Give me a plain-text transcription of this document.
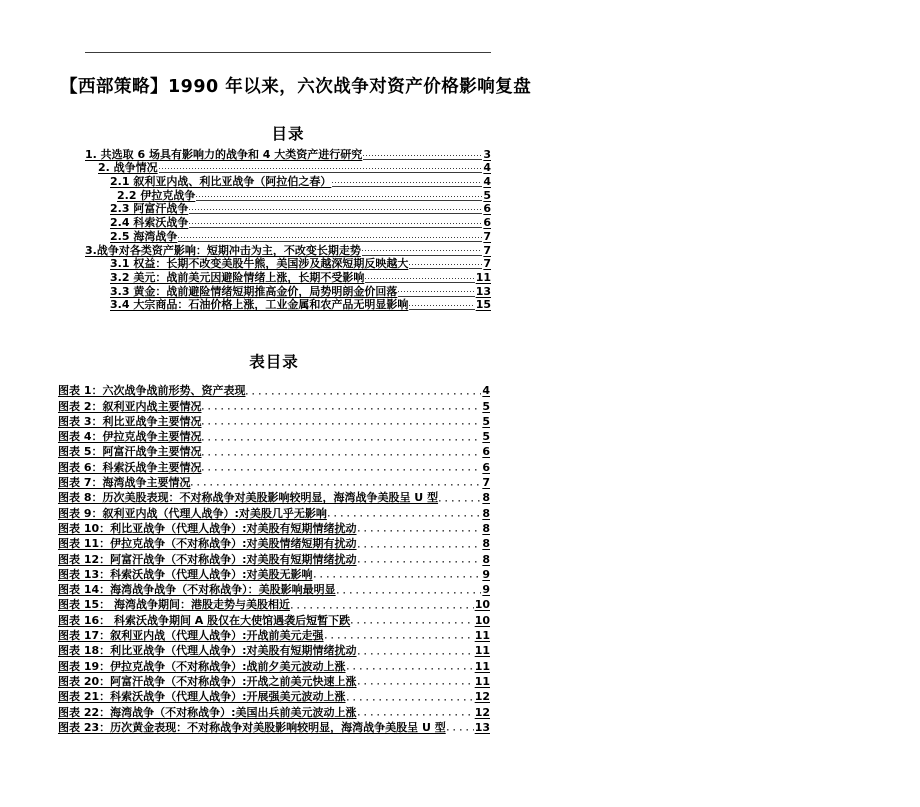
【西部策略】1990 年以来，六次战争对资产价格影响复盘
目录
1. 共选取 6 场具有影响力的战争和 4 大类资产进行研究	3
2. 战争情况	4
2.1 叙利亚内战、利比亚战争（阿拉伯之春）	4
2.2 伊拉克战争	5
2.3 阿富汗战争	6
2.4 科索沃战争	6
2.5 海湾战争	7
3.战争对各类资产影响：短期冲击为主，不改变长期走势	7
3.1 权益：长期不改变美股牛熊，美国涉及越深短期反映越大	7
3.2 美元：战前美元因避险情绪上涨，长期不受影响	11
3.3 黄金：战前避险情绪短期推高金价，局势明朗金价回落	13
3.4 大宗商品：石油价格上涨，工业金属和农产品无明显影响	15
表目录
图表 1：六次战争战前形势、资产表现	4
图表 2：叙利亚内战主要情况	5
图表 3：利比亚战争主要情况	5
图表 4：伊拉克战争主要情况	5
图表 5：阿富汗战争主要情况	6
图表 6：科索沃战争主要情况	6
图表 7：海湾战争主要情况	7
图表 8：历次美股表现：不对称战争对美股影响较明显，海湾战争美股呈 U 型	8
图表 9：叙利亚内战（代理人战争）:对美股几乎无影响	8
图表 10：利比亚战争（代理人战争）:对美股有短期情绪扰动	8
图表 11：伊拉克战争（不对称战争）:对美股情绪短期有扰动	8
图表 12：阿富汗战争（不对称战争）:对美股有短期情绪扰动	8
图表 13：科索沃战争（代理人战争）:对美股无影响	9
图表 14：海湾战争战争（不对称战争）：美股影响最明显	9
图表 15： 海湾战争期间：港股走势与美股相近	10
图表 16： 科索沃战争期间 A 股仅在大使馆遇袭后短暂下跌	10
图表 17：叙利亚内战（代理人战争）:开战前美元走强	11
图表 18：利比亚战争（代理人战争）:对美股有短期情绪扰动	11
图表 19：伊拉克战争（不对称战争）:战前夕美元波动上涨	11
图表 20：阿富汗战争（不对称战争）:开战之前美元快速上涨	11
图表 21：科索沃战争（代理人战争）:开展强美元波动上涨	12
图表 22：海湾战争（不对称战争）:美国出兵前美元波动上涨	12
图表 23：历次黄金表现：不对称战争对美股影响较明显，海湾战争美股呈 U 型	13
